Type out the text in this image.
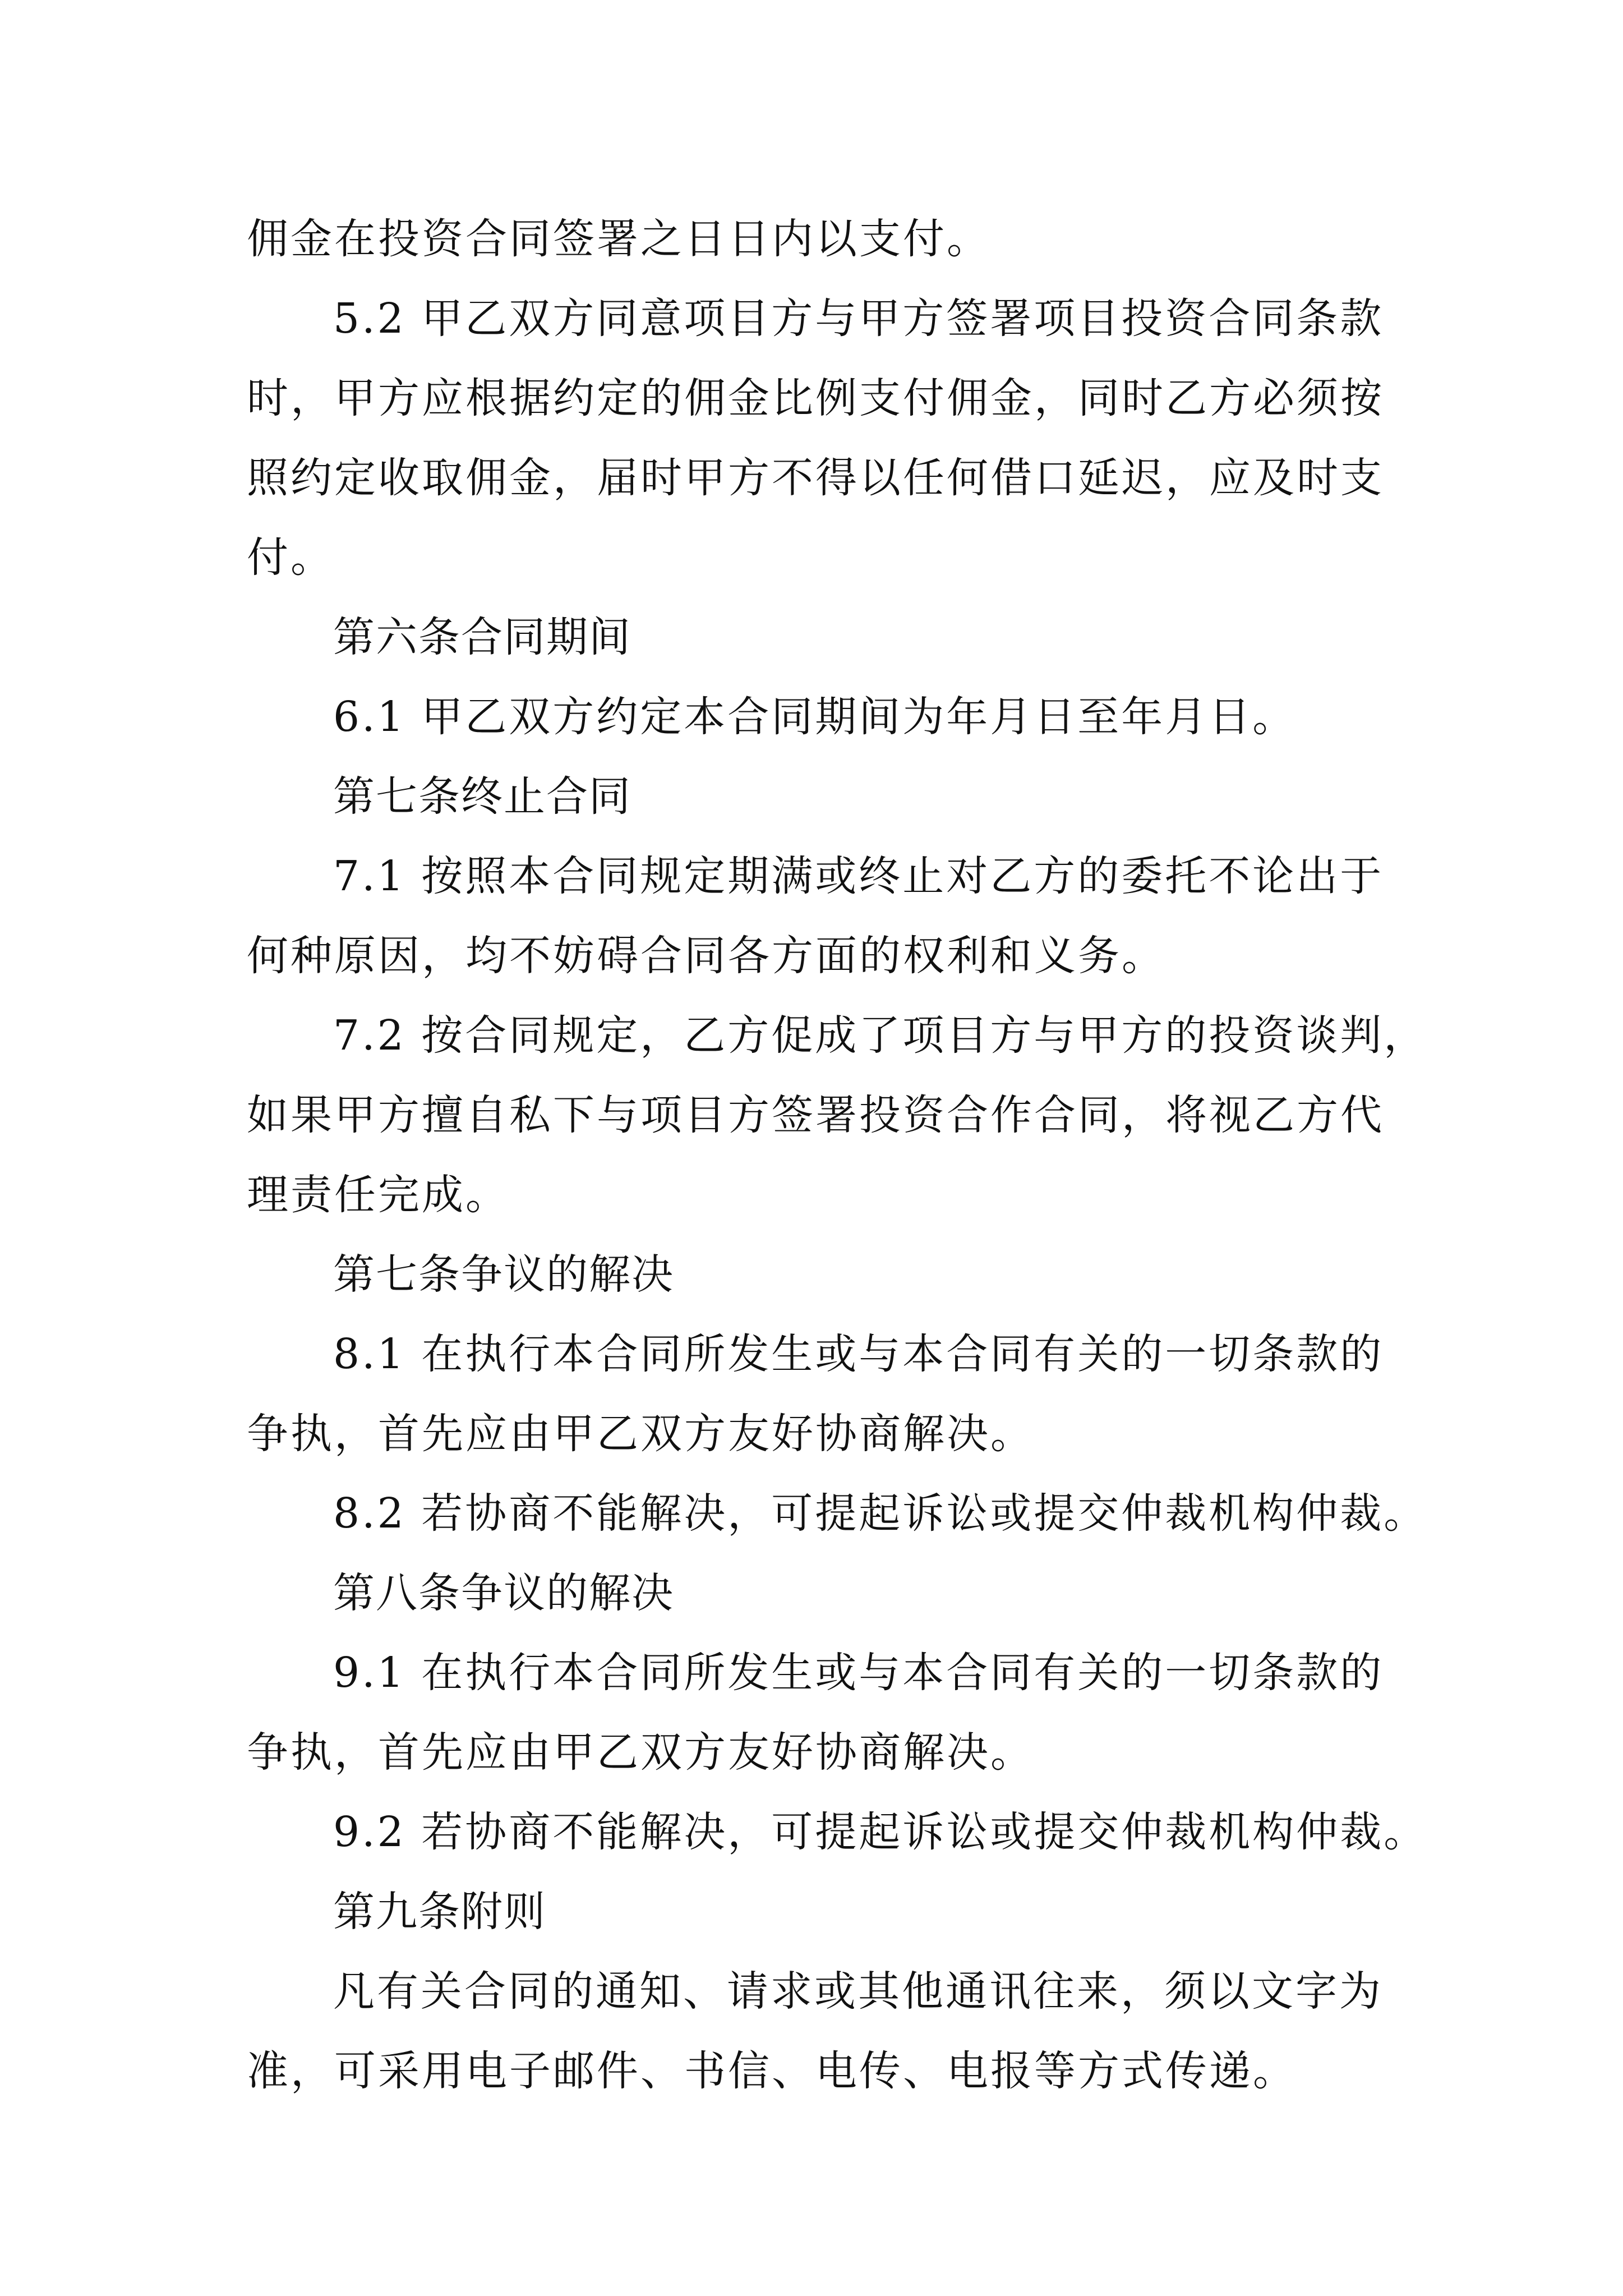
佣金在投资合同签署之日日内以支付。
5.2 甲乙双方同意项目方与甲方签署项目投资合同条款
时，甲方应根据约定的佣金比例支付佣金，同时乙方必须按
照约定收取佣金，届时甲方不得以任何借口延迟，应及时支
付。
第六条合同期间
6.1 甲乙双方约定本合同期间为年月日至年月日。
第七条终止合同
7.1 按照本合同规定期满或终止对乙方的委托不论出于
何种原因，均不妨碍合同各方面的权利和义务。
7.2 按合同规定，乙方促成了项目方与甲方的投资谈判，
如果甲方擅自私下与项目方签署投资合作合同，将视乙方代
理责任完成。
第七条争议的解决
8.1 在执行本合同所发生或与本合同有关的一切条款的
争执，首先应由甲乙双方友好协商解决。
8.2 若协商不能解决，可提起诉讼或提交仲裁机构仲裁。
第八条争议的解决
9.1 在执行本合同所发生或与本合同有关的一切条款的
争执，首先应由甲乙双方友好协商解决。
9.2 若协商不能解决，可提起诉讼或提交仲裁机构仲裁。
第九条附则
凡有关合同的通知、请求或其他通讯往来，须以文字为
准，可采用电子邮件、书信、电传、电报等方式传递。
